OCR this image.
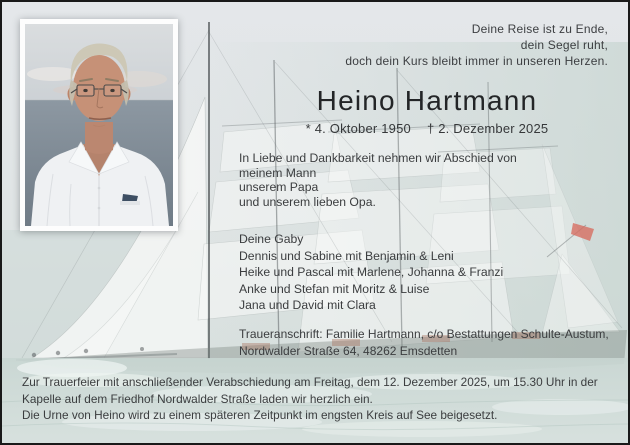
Deine Reise ist zu Ende,
dein Segel ruht,
doch dein Kurs bleibt immer in unseren Herzen.
Heino Hartmann
* 4. Oktober 1950 † 2. Dezember 2025
In Liebe und Dankbarkeit nehmen wir Abschied von
meinem Mann
unserem Papa
und unserem lieben Opa.
Deine Gaby
Dennis und Sabine mit Benjamin & Leni
Heike und Pascal mit Marlene, Johanna & Franzi
Anke und Stefan mit Moritz & Luise
Jana und David mit Clara
Traueranschrift: Familie Hartmann, c/o Bestattungen Schulte-Austum,
Nordwalder Straße 64, 48262 Emsdetten
Zur Trauerfeier mit anschließender Verabschiedung am Freitag, dem 12. Dezember 2025, um 15.30 Uhr in der
Kapelle auf dem Friedhof Nordwalder Straße laden wir herzlich ein.
Die Urne von Heino wird zu einem späteren Zeitpunkt im engsten Kreis auf See beigesetzt.
